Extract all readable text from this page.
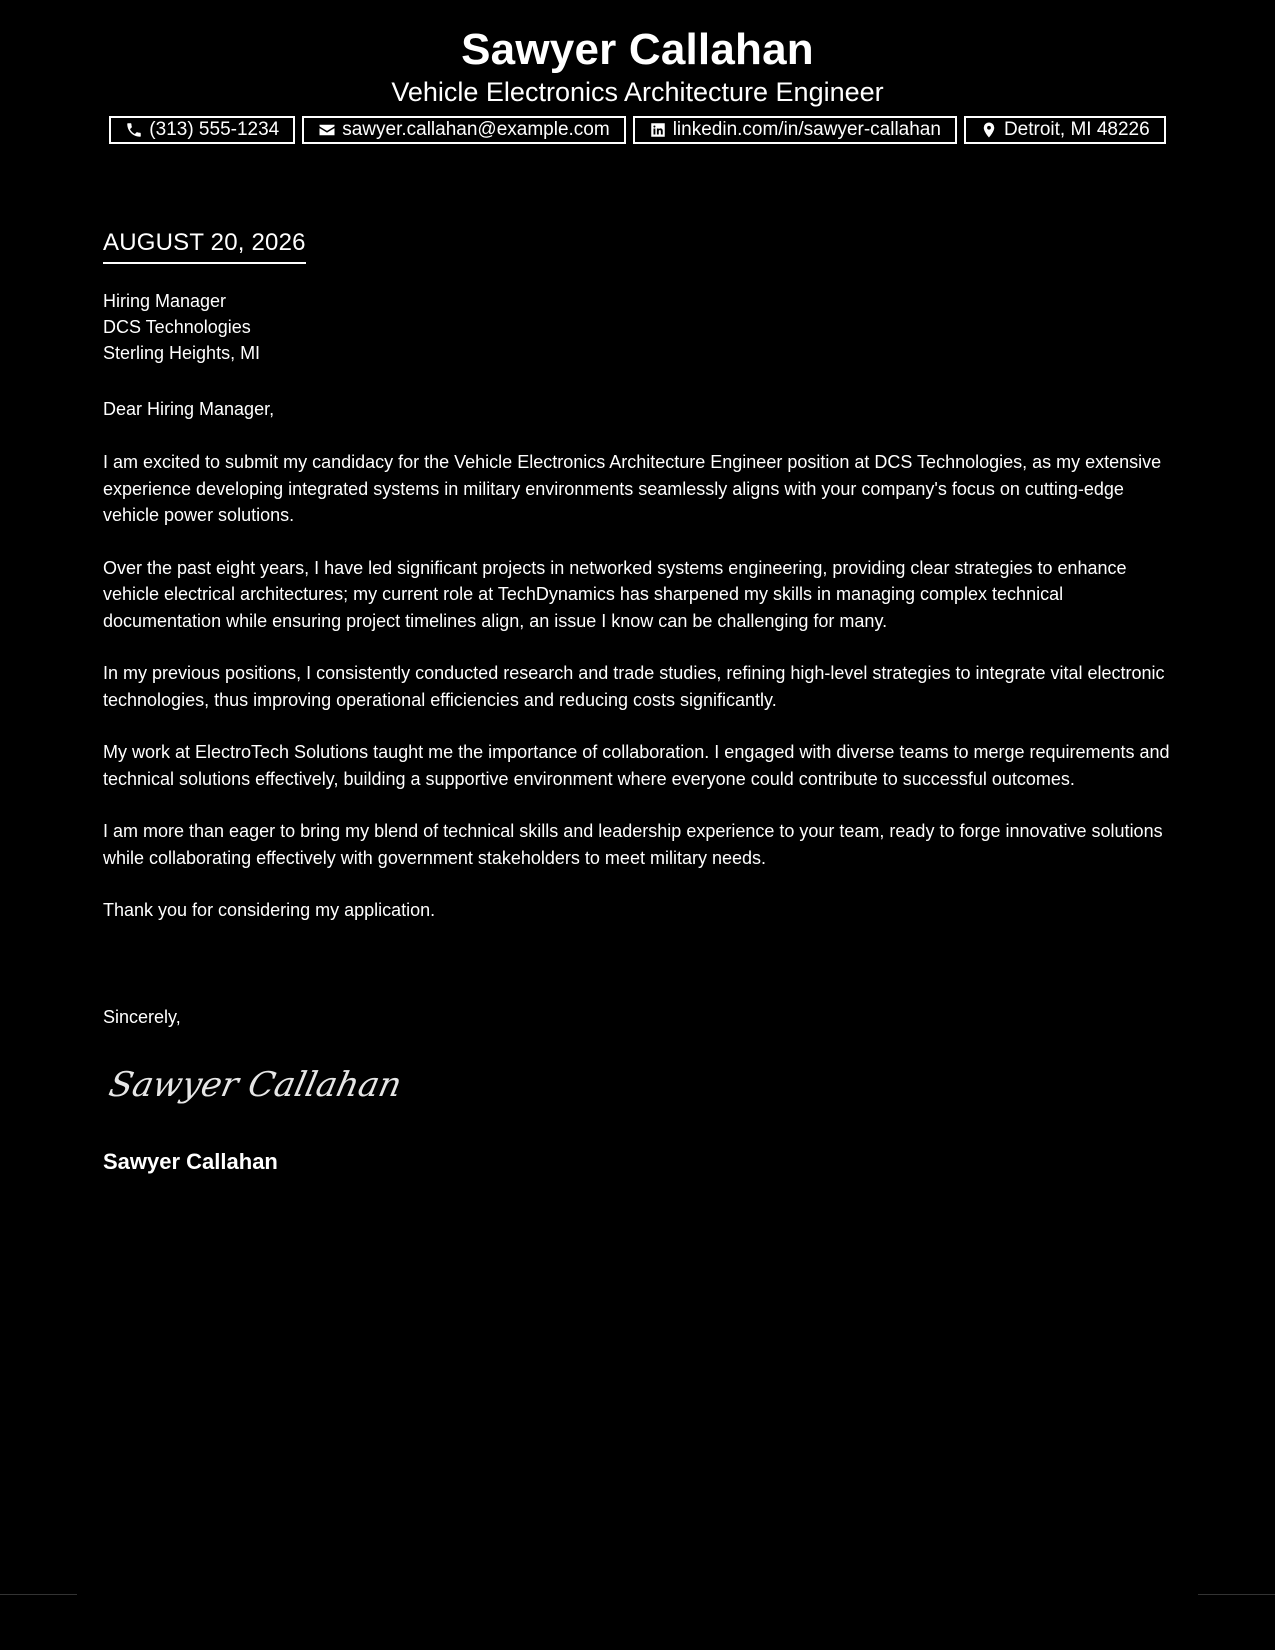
Sawyer Callahan
Vehicle Electronics Architecture Engineer
(313) 555-1234	sawyer.callahan@example.com	linkedin.com/in/sawyer-callahan	Detroit, MI 48226
AUGUST 20, 2026
Hiring Manager
DCS Technologies
Sterling Heights, MI
Dear Hiring Manager,

I am excited to submit my candidacy for the Vehicle Electronics Architecture Engineer position at DCS Technologies, as my extensive experience developing integrated systems in military environments seamlessly aligns with your company's focus on cutting-edge vehicle power solutions.

Over the past eight years, I have led significant projects in networked systems engineering, providing clear strategies to enhance vehicle electrical architectures; my current role at TechDynamics has sharpened my skills in managing complex technical documentation while ensuring project timelines align, an issue I know can be challenging for many.

In my previous positions, I consistently conducted research and trade studies, refining high-level strategies to integrate vital electronic technologies, thus improving operational efficiencies and reducing costs significantly.

My work at ElectroTech Solutions taught me the importance of collaboration. I engaged with diverse teams to merge requirements and technical solutions effectively, building a supportive environment where everyone could contribute to successful outcomes.

I am more than eager to bring my blend of technical skills and leadership experience to your team, ready to forge innovative solutions while collaborating effectively with government stakeholders to meet military needs.

Thank you for considering my application.

Sincerely,
Sawyer Callahan
Sawyer Callahan
